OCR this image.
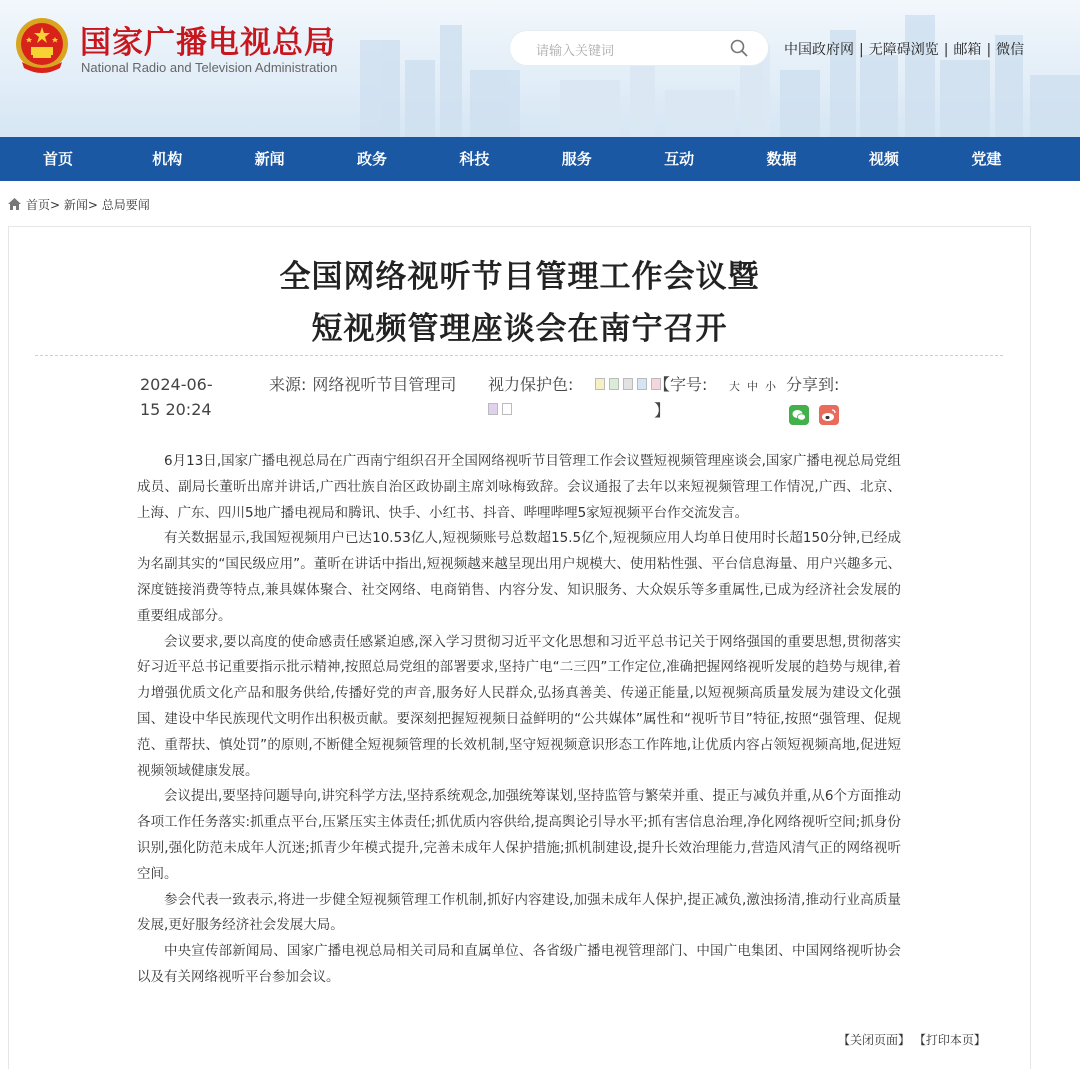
国家广播电视总局
National Radio and Television Administration
请输入关键词	中国政府网 | 无障碍浏览 | 邮箱 | 微信
首页	机构	新闻	政务	科技	服务	互动	数据	视频	党建
首页> 新闻> 总局要闻
全国网络视听节目管理工作会议暨
短视频管理座谈会在南宁召开
2024-06-15 20:24
来源: 网络视听节目管理司 视力保护色:	【字号: 大 中 小
】
分享到:

6月13日,国家广播电视总局在广西南宁组织召开全国网络视听节目管理工作会议暨短视频管理座谈会,国家广播电视总局党组成员、副局长董昕出席并讲话,广西壮族自治区政协副主席刘咏梅致辞。会议通报了去年以来短视频管理工作情况,广西、北京、上海、广东、四川5地广播电视局和腾讯、快手、小红书、抖音、哔哩哔哩5家短视频平台作交流发言。

有关数据显示,我国短视频用户已达10.53亿人,短视频账号总数超15.5亿个,短视频应用人均单日使用时长超150分钟,已经成为名副其实的“国民级应用”。董昕在讲话中指出,短视频越来越呈现出用户规模大、使用粘性强、平台信息海量、用户兴趣多元、深度链接消费等特点,兼具媒体聚合、社交网络、电商销售、内容分发、知识服务、大众娱乐等多重属性,已成为经济社会发展的重要组成部分。

会议要求,要以高度的使命感责任感紧迫感,深入学习贯彻习近平文化思想和习近平总书记关于网络强国的重要思想,贯彻落实好习近平总书记重要指示批示精神,按照总局党组的部署要求,坚持广电“二三四”工作定位,准确把握网络视听发展的趋势与规律,着力增强优质文化产品和服务供给,传播好党的声音,服务好人民群众,弘扬真善美、传递正能量,以短视频高质量发展为建设文化强国、建设中华民族现代文明作出积极贡献。要深刻把握短视频日益鲜明的“公共媒体”属性和“视听节目”特征,按照“强管理、促规范、重帮扶、慎处罚”的原则,不断健全短视频管理的长效机制,坚守短视频意识形态工作阵地,让优质内容占领短视频高地,促进短视频领域健康发展。

会议提出,要坚持问题导向,讲究科学方法,坚持系统观念,加强统筹谋划,坚持监管与繁荣并重、提正与减负并重,从6个方面推动各项工作任务落实:抓重点平台,压紧压实主体责任;抓优质内容供给,提高舆论引导水平;抓有害信息治理,净化网络视听空间;抓身份识别,强化防范未成年人沉迷;抓青少年模式提升,完善未成年人保护措施;抓机制建设,提升长效治理能力,营造风清气正的网络视听空间。

参会代表一致表示,将进一步健全短视频管理工作机制,抓好内容建设,加强未成年人保护,提正减负,激浊扬清,推动行业高质量发展,更好服务经济社会发展大局。

中央宣传部新闻局、国家广播电视总局相关司局和直属单位、各省级广播电视管理部门、中国广电集团、中国网络视听协会以及有关网络视听平台参加会议。

【关闭页面】 【打印本页】
